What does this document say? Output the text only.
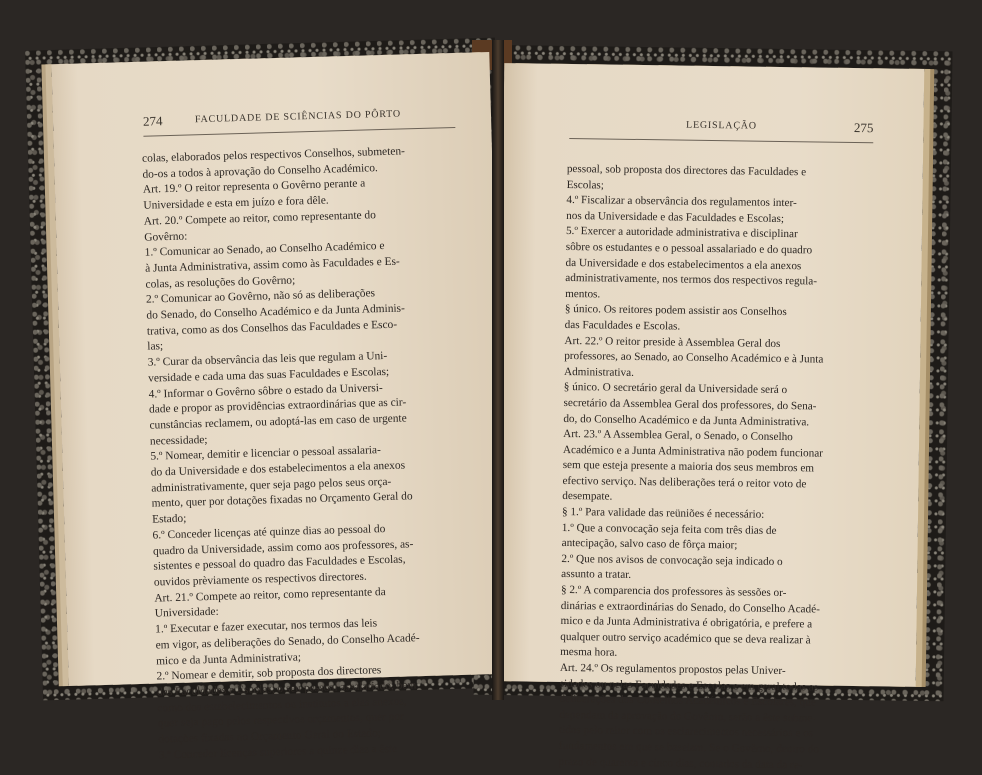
274	FACULDADE DE SCIÊNCIAS DO PÔRTO

colas, elaborados pelos respectivos Conselhos, submeten-
do-os a todos à aprovação do Conselho Académico.
Art. 19.º O reitor representa o Govêrno perante a
Universidade e esta em juízo e fora dêle.
Art. 20.º Compete ao reitor, como representante do
Govêrno:
1.º Comunicar ao Senado, ao Conselho Académico e
à Junta Administrativa, assim como às Faculdades e Es-
colas, as resoluções do Govêrno;
2.º Comunicar ao Govêrno, não só as deliberações
do Senado, do Conselho Académico e da Junta Adminis-
trativa, como as dos Conselhos das Faculdades e Esco-
las;
3.º Curar da observância das leis que regulam a Uni-
versidade e cada uma das suas Faculdades e Escolas;
4.º Informar o Govêrno sôbre o estado da Universi-
dade e propor as providências extraordinárias que as cir-
cunstâncias reclamem, ou adoptá-las em caso de urgente
necessidade;
5.º Nomear, demitir e licenciar o pessoal assalaria-
do da Universidade e dos estabelecimentos a ela anexos
administrativamente, quer seja pago pelos seus orça-
mento, quer por dotações fixadas no Orçamento Geral do
Estado;
6.º Conceder licenças até quinze dias ao pessoal do
quadro da Universidade, assim como aos professores, as-
sistentes e pessoal do quadro das Faculdades e Escolas,
ouvidos prèviamente os respectivos directores.
Art. 21.º Compete ao reitor, como representante da
Universidade:
1.º Executar e fazer executar, nos termos das leis
em vigor, as deliberações do Senado, do Conselho Acadé-
mico e da Junta Administrativa;
2.º Nomear e demitir, sob proposta dos directores
das Faculdades e Escolas, o seu pessoal assalariado, bem
como dos estabelecimentos ou institutos a elas anexos,
quer seja pago pelos respectivos orçamentos, quer por
dotações fixadas no Orçamento Geral do Estado;
3.º Conceder licenças superiores a quinze dias a êste

LEGISLAÇÃO	275

pessoal, sob proposta dos directores das Faculdades e
Escolas;
4.º Fiscalizar a observância dos regulamentos inter-
nos da Universidade e das Faculdades e Escolas;
5.º Exercer a autoridade administrativa e disciplinar
sôbre os estudantes e o pessoal assalariado e do quadro
da Universidade e dos estabelecimentos a ela anexos
administrativamente, nos termos dos respectivos regula-
mentos.
§ único. Os reitores podem assistir aos Conselhos
das Faculdades e Escolas.
Art. 22.º O reitor preside à Assemblea Geral dos
professores, ao Senado, ao Conselho Académico e à Junta
Administrativa.
§ único. O secretário geral da Universidade será o
secretário da Assemblea Geral dos professores, do Sena-
do, do Conselho Académico e da Junta Administrativa.
Art. 23.º A Assemblea Geral, o Senado, o Conselho
Académico e a Junta Administrativa não podem funcionar
sem que esteja presente a maioria dos seus membros em
efectivo serviço. Nas deliberações terá o reitor voto de
desempate.
§ 1.º Para validade das reüniões é necessário:
1.º Que a convocação seja feita com três dias de
antecipação, salvo caso de fôrça maior;
2.º Que nos avisos de convocação seja indicado o
assunto a tratar.
§ 2.º A comparencia dos professores às sessões or-
dinárias e extraordinárias do Senado, do Conselho Acadé-
mico e da Junta Administrativa é obrigatória, e prefere a
qualquer outro serviço académico que se deva realizar à
mesma hora.
Art. 24.º Os regulamentos propostos pelas Univer-
sidades ou pelas Faculdades e Escolas e em geral todas as
deliberações dos Conselhos Académicos e Escolares, que
dependam da aprovação do Govêrno, serão a êste subme-
tidos pelo reitor com os esclarecimentos necessários e os
fundamentos em que se baseiam. Se o Govêrno, dentro do
prazo de quarenta e cinco dias, contados da data da re-
